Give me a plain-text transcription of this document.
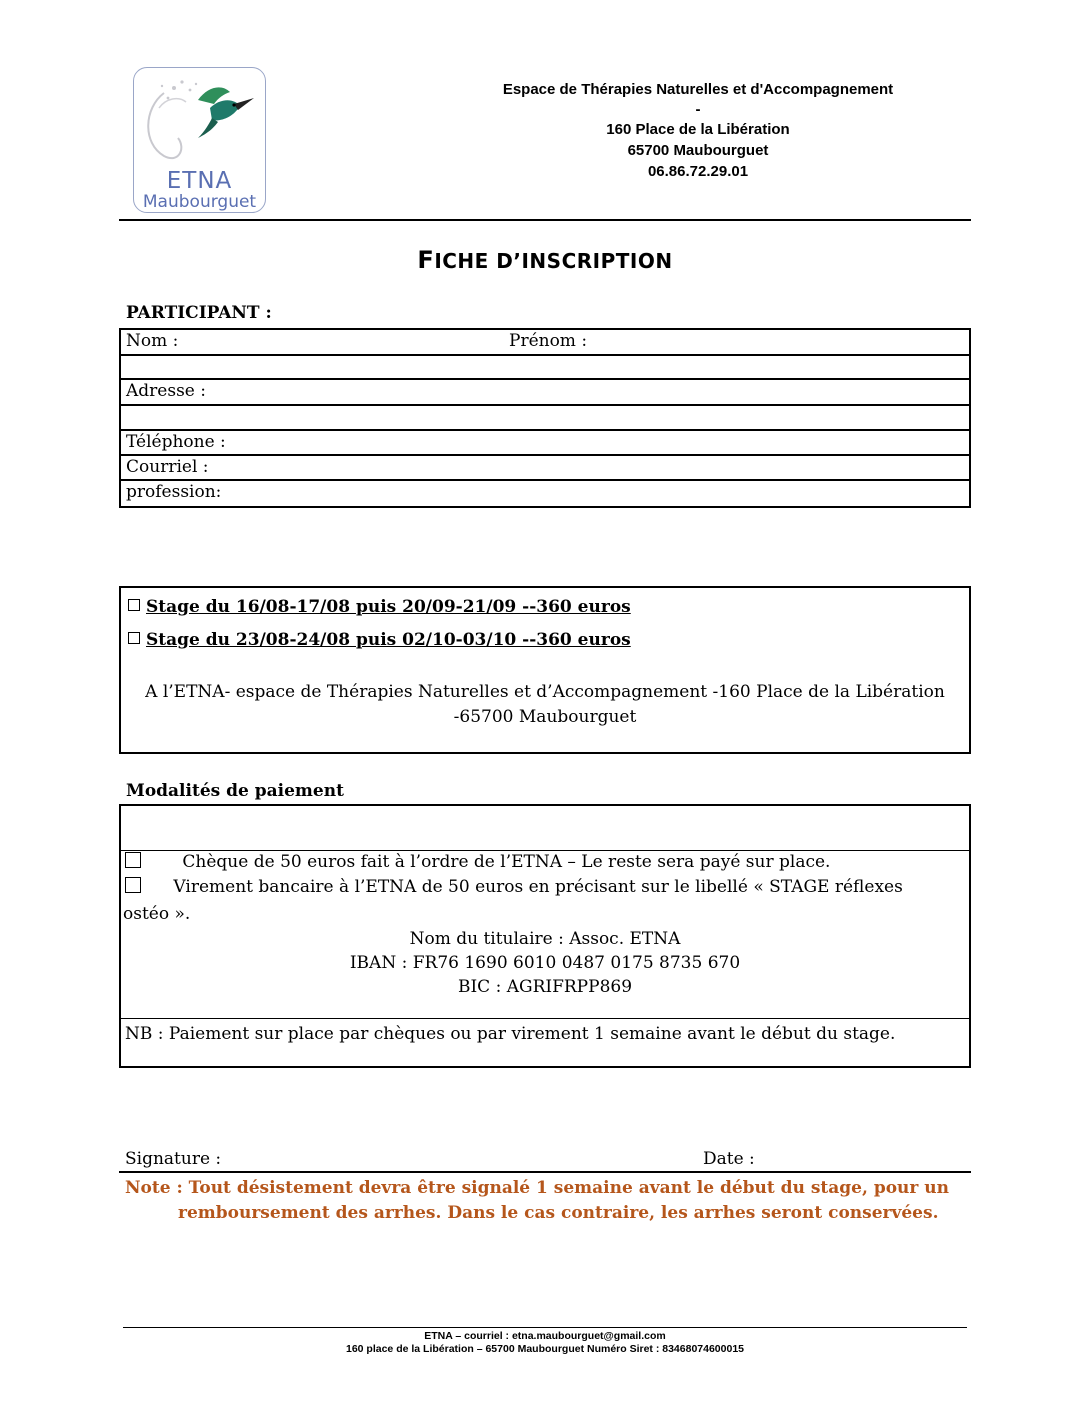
ETNA
Maubourguet
Espace de Thérapies Naturelles et d'Accompagnement
-
160 Place de la Libération
65700 Maubourguet
06.86.72.29.01
FICHE D’INSCRIPTION
PARTICIPANT :
Nom :	Prénom :
Adresse :
Téléphone :
Courriel :
profession:
Stage du 16/08-17/08 puis 20/09-21/09 --360 euros
Stage du 23/08-24/08 puis 02/10-03/10 --360 euros
A l’ETNA- espace de Thérapies Naturelles et d’Accompagnement -160 Place de la Libération
-65700 Maubourguet
Modalités de paiement
Chèque de 50 euros fait à l’ordre de l’ETNA – Le reste sera payé sur place.
Virement bancaire à l’ETNA de 50 euros en précisant sur le libellé « STAGE réflexes
ostéo ».
Nom du titulaire : Assoc. ETNA
IBAN : FR76 1690 6010 0487 0175 8735 670
BIC : AGRIFRPP869
NB : Paiement sur place par chèques ou par virement 1 semaine avant le début du stage.
Signature :	Date :
Note : Tout désistement devra être signalé 1 semaine avant le début du stage, pour un
remboursement des arrhes. Dans le cas contraire, les arrhes seront conservées.
ETNA – courriel : etna.maubourguet@gmail.com
160 place de la Libération – 65700 Maubourguet Numéro Siret : 83468074600015
